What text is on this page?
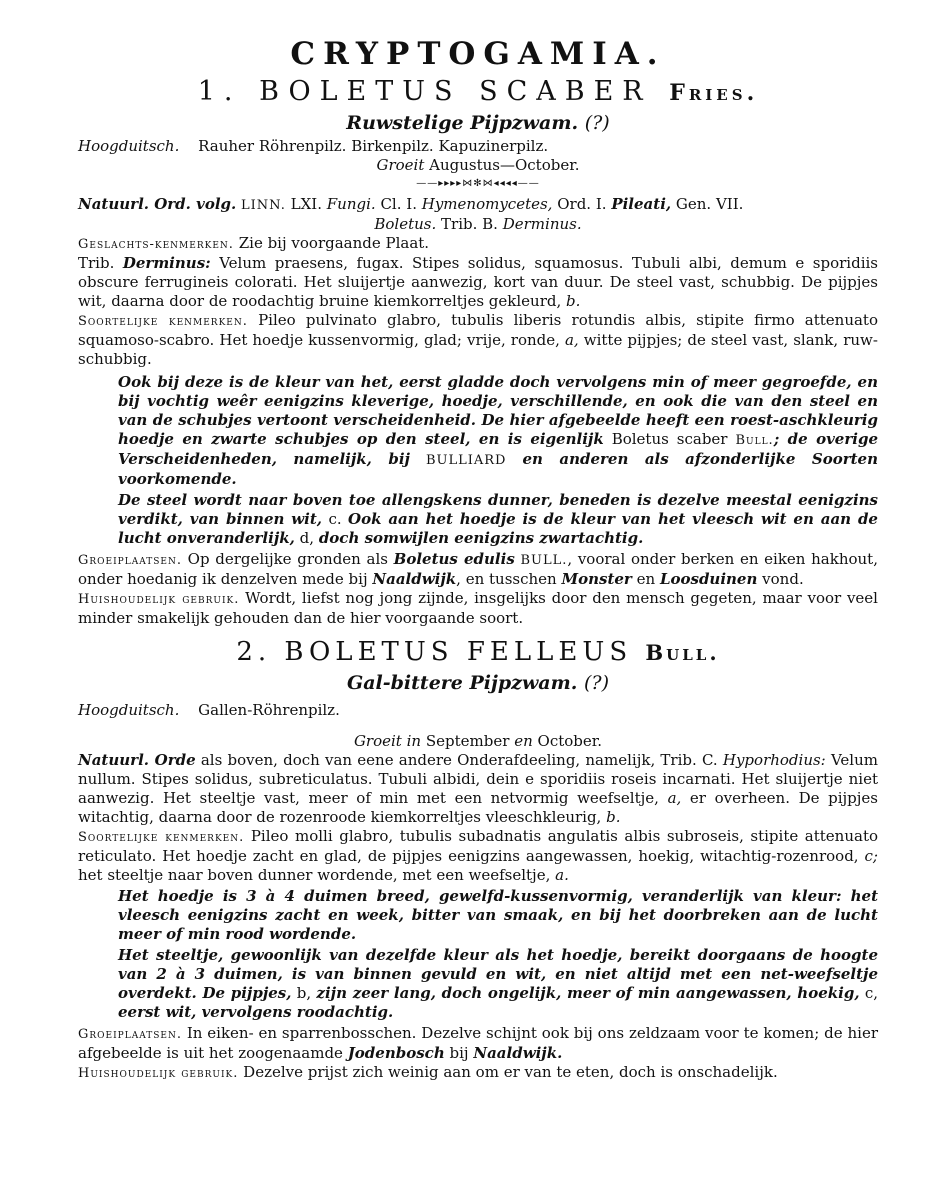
CRYPTOGAMIA.
1. BOLETUS SCABER Fries.
Ruwstelige Pijpzwam. (?)
Hoogduitsch. Rauher Röhrenpilz. Birkenpilz. Kapuzinerpilz.
Groeit Augustus—October.
——▸▸▸▸⋈✻⋈◂◂◂◂——
Natuurl. Ord. volg. LINN. LXI. Fungi. Cl. I. Hymenomycetes, Ord. I. Pileati, Gen. VII.
Boletus. Trib. B. Derminus.
Geslachts-kenmerken. Zie bij voorgaande Plaat.
Trib. Derminus: Velum praesens, fugax. Stipes solidus, squamosus. Tubuli albi, demum e sporidiis obscure ferrugineis colorati. Het sluijertje aanwezig, kort van duur. De steel vast, schubbig. De pijpjes wit, daarna door de roodachtig bruine kiemkorreltjes gekleurd, b.
Soortelijke kenmerken. Pileo pulvinato glabro, tubulis liberis rotundis albis, stipite firmo attenuato squamoso-scabro. Het hoedje kussenvormig, glad; vrije, ronde, a, witte pijpjes; de steel vast, slank, ruw-schubbig.
Ook bij deze is de kleur van het, eerst gladde doch vervolgens min of meer gegroefde, en bij vochtig weêr eenigzins kleverige, hoedje, verschillende, en ook die van den steel en van de schubjes vertoont verscheidenheid. De hier afgebeelde heeft een roest-aschkleurig hoedje en zwarte schubjes op den steel, en is eigenlijk Boletus scaber Bull.; de overige Verscheidenheden, namelijk, bij BULLIARD en anderen als afzonderlijke Soorten voorkomende.
De steel wordt naar boven toe allengskens dunner, beneden is dezelve meestal eenigzins verdikt, van binnen wit, c. Ook aan het hoedje is de kleur van het vleesch wit en aan de lucht onveranderlijk, d, doch somwijlen eenigzins zwartachtig.
Groeiplaatsen. Op dergelijke gronden als Boletus edulis BULL., vooral onder berken en eiken hakhout, onder hoedanig ik denzelven mede bij Naaldwijk, en tusschen Monster en Loosduinen vond.
Huishoudelijk gebruik. Wordt, liefst nog jong zijnde, insgelijks door den mensch gegeten, maar voor veel minder smakelijk gehouden dan de hier voorgaande soort.
2. BOLETUS FELLEUS Bull.
Gal-bittere Pijpzwam. (?)
Hoogduitsch. Gallen-Röhrenpilz.
Groeit in September en October.
Natuurl. Orde als boven, doch van eene andere Onderafdeeling, namelijk, Trib. C. Hyporhodius: Velum nullum. Stipes solidus, subreticulatus. Tubuli albidi, dein e sporidiis roseis incarnati. Het sluijertje niet aanwezig. Het steeltje vast, meer of min met een netvormig weefseltje, a, er overheen. De pijpjes witachtig, daarna door de rozenroode kiemkorreltjes vleeschkleurig, b.
Soortelijke kenmerken. Pileo molli glabro, tubulis subadnatis angulatis albis subroseis, stipite attenuato reticulato. Het hoedje zacht en glad, de pijpjes eenigzins aangewassen, hoekig, witachtig-rozenrood, c; het steeltje naar boven dunner wordende, met een weefseltje, a.
Het hoedje is 3 à 4 duimen breed, gewelfd-kussenvormig, veranderlijk van kleur: het vleesch eenigzins zacht en week, bitter van smaak, en bij het doorbreken aan de lucht meer of min rood wordende.
Het steeltje, gewoonlijk van dezelfde kleur als het hoedje, bereikt doorgaans de hoogte van 2 à 3 duimen, is van binnen gevuld en wit, en niet altijd met een net-weefseltje overdekt. De pijpjes, b, zijn zeer lang, doch ongelijk, meer of min aangewassen, hoekig, c, eerst wit, vervolgens roodachtig.
Groeiplaatsen. In eiken- en sparrenbosschen. Dezelve schijnt ook bij ons zeldzaam voor te komen; de hier afgebeelde is uit het zoogenaamde Jodenbosch bij Naaldwijk.
Huishoudelijk gebruik. Dezelve prijst zich weinig aan om er van te eten, doch is onschadelijk.
